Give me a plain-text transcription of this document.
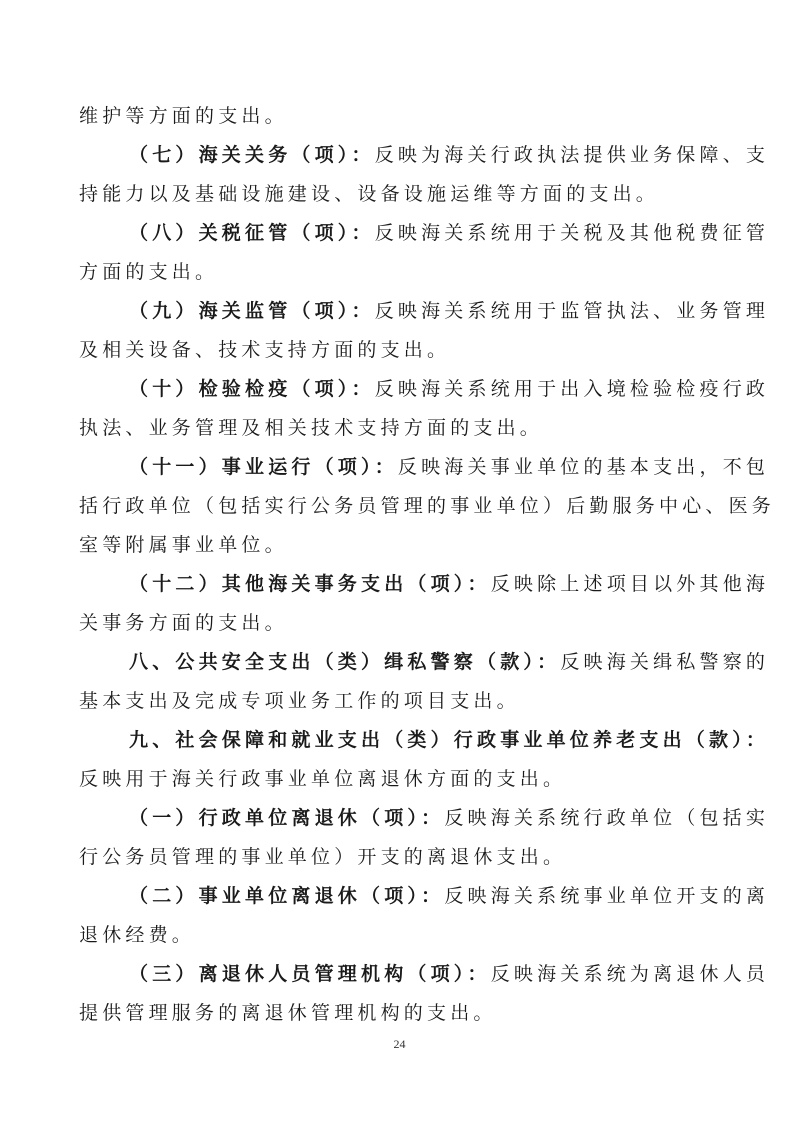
维护等方面的支出。
（七）海关关务（项）：反映为海关行政执法提供业务保障、支
持能力以及基础设施建设、设备设施运维等方面的支出。
（八）关税征管（项）：反映海关系统用于关税及其他税费征管
方面的支出。
（九）海关监管（项）：反映海关系统用于监管执法、业务管理
及相关设备、技术支持方面的支出。
（十）检验检疫（项）：反映海关系统用于出入境检验检疫行政
执法、业务管理及相关技术支持方面的支出。
（十一）事业运行（项）：反映海关事业单位的基本支出，不包
括行政单位（包括实行公务员管理的事业单位）后勤服务中心、医务
室等附属事业单位。
（十二）其他海关事务支出（项）：反映除上述项目以外其他海
关事务方面的支出。
八、公共安全支出（类）缉私警察（款）：反映海关缉私警察的
基本支出及完成专项业务工作的项目支出。
九、社会保障和就业支出（类）行政事业单位养老支出（款）：
反映用于海关行政事业单位离退休方面的支出。
（一）行政单位离退休（项）：反映海关系统行政单位（包括实
行公务员管理的事业单位）开支的离退休支出。
（二）事业单位离退休（项）：反映海关系统事业单位开支的离
退休经费。
（三）离退休人员管理机构（项）：反映海关系统为离退休人员
提供管理服务的离退休管理机构的支出。
24
